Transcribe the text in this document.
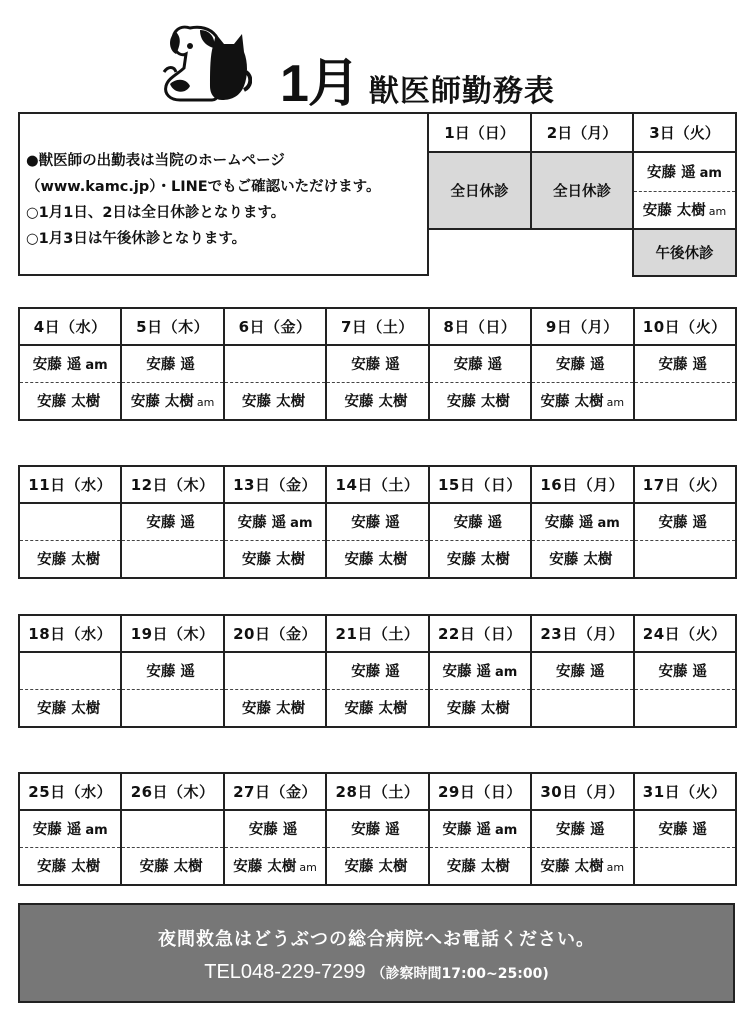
1月 獣医師勤務表

●獣医師の出勤表は当院のホームページ

（www.kamc.jp）・LINEでもご確認いただけます。

○1月1日、2日は全日休診となります。

○1月3日は午後休診となります。

1日（日）	2日（月）	3日（火）
全日休診	全日休診	安藤 遥 am
		安藤 太樹 am
		午後休診
4日（水）	5日（木）	6日（金）	7日（土）	8日（日）	9日（月）	10日（火）
安藤 遥 am	安藤 遥		安藤 遥	安藤 遥	安藤 遥	安藤 遥
安藤 太樹	安藤 太樹 am	安藤 太樹	安藤 太樹	安藤 太樹	安藤 太樹 am	
11日（水）	12日（木）	13日（金）	14日（土）	15日（日）	16日（月）	17日（火）
	安藤 遥	安藤 遥 am	安藤 遥	安藤 遥	安藤 遥 am	安藤 遥
安藤 太樹		安藤 太樹	安藤 太樹	安藤 太樹	安藤 太樹	
18日（水）	19日（木）	20日（金）	21日（土）	22日（日）	23日（月）	24日（火）
	安藤 遥		安藤 遥	安藤 遥 am	安藤 遥	安藤 遥
安藤 太樹		安藤 太樹	安藤 太樹	安藤 太樹		
25日（水）	26日（木）	27日（金）	28日（土）	29日（日）	30日（月）	31日（火）
安藤 遥 am		安藤 遥	安藤 遥	安藤 遥 am	安藤 遥	安藤 遥
安藤 太樹	安藤 太樹	安藤 太樹 am	安藤 太樹	安藤 太樹	安藤 太樹 am	
夜間救急はどうぶつの総合病院へお電話ください。
TEL048-229-7299 （診察時間17:00~25:00)
